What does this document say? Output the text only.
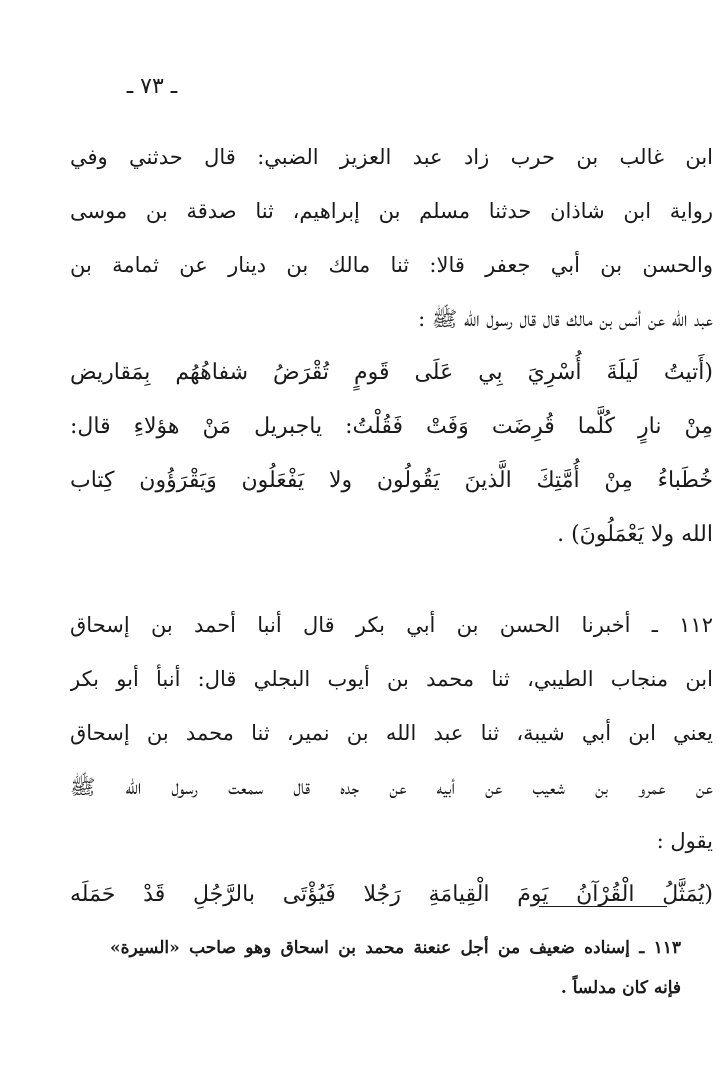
ـ ٧٣ ـ
ابن غالب بن حرب زاد عبد العزيز الضبي: قال حدثني وفي
رواية ابن شاذان حدثنا مسلم بن إبراهيم، ثنا صدقة بن موسى
والحسن بن أبي جعفر قالا: ثنا مالك بن دينار عن ثمامة بن
عبد الله عن أنس بن مالك قال قال رسول الله ﷺ :
(أَتيتُ لَيلَةَ أُسْرِيَ بِي عَلَى قَومٍ تُقْرَضُ شفاهُهُم بِمَقاريض
مِنْ نارٍ كُلَّما قُرِضَت وَفَتْ فَقُلْتُ: ياجبريل مَنْ هؤلاءِ قال:
خُطَباءُ مِنْ أُمَّتِكَ الَّذينَ يَقُولُون ولا يَفْعَلُون وَيَقْرَؤُون كِتاب
الله ولا يَعْمَلُونَ) .
١١٢ ـ أخبرنا الحسن بن أبي بكر قال أنبا أحمد بن إسحاق
ابن منجاب الطيبي، ثنا محمد بن أيوب البجلي قال: أنبأ أبو بكر
يعني ابن أبي شيبة، ثنا عبد الله بن نمير، ثنا محمد بن إسحاق
عن عمرو بن شعيب عن أبيه عن جده قال سمعت رسول الله ﷺ
يقول :
(يُمَثَّلُ الْقُرْآنُ يَومَ الْقِيامَةِ رَجُلا فَيُؤْتَى بالرَّجُلِ قَدْ حَمَلَه
١١٣ ـ إسناده ضعيف من أجل عنعنة محمد بن اسحاق وهو صاحب «السيرة»
فإنه كان مدلساً .
